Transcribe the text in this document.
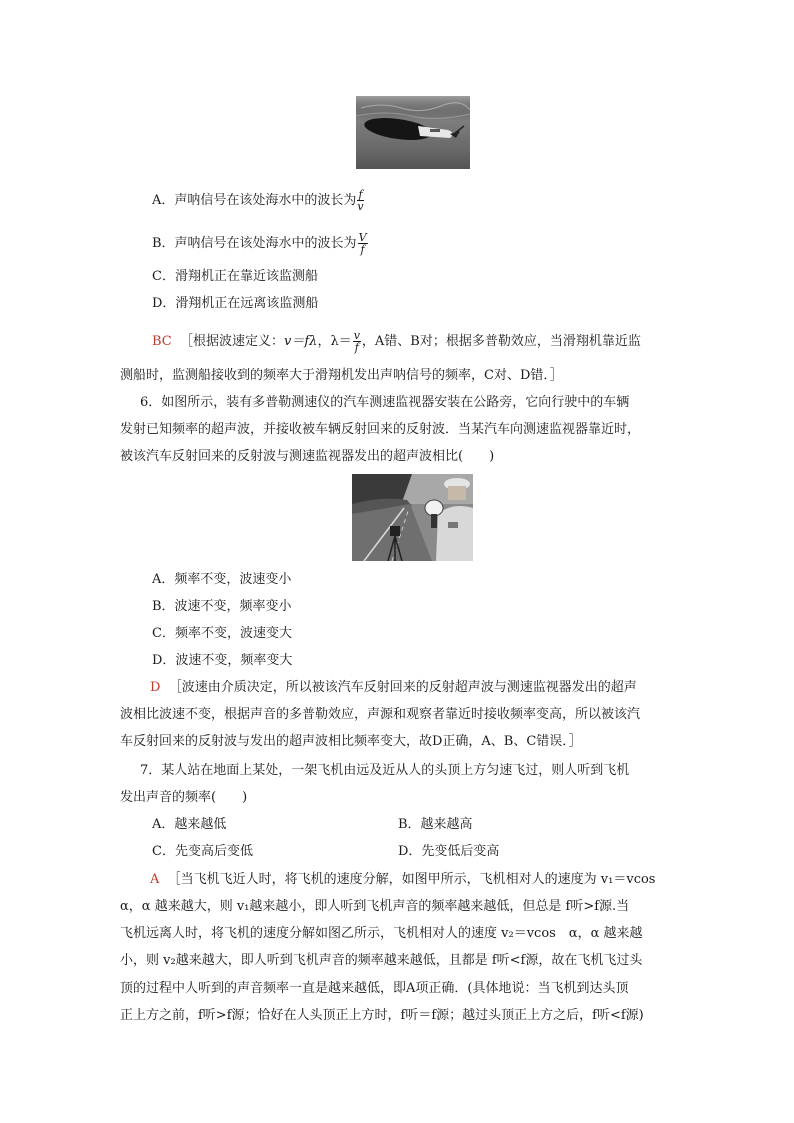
A．声呐信号在该处海水中的波长为 $\frac{f}{v}$
B．声呐信号在该处海水中的波长为 $\frac{V}{f}$
C．滑翔机正在靠近该监测船
D．滑翔机正在远离该监测船
BC ［根据波速定义：v＝fλ，$\lambda= \frac{v}{f}$ ，A错、B对；根据多普勒效应，当滑翔机靠近监
测船时，监测船接收到的频率大于滑翔机发出声呐信号的频率，C对、D错．］
6．如图所示，装有多普勒测速仪的汽车测速监视器安装在公路旁，它向行驶中的车辆
发射已知频率的超声波，并接收被车辆反射回来的反射波．当某汽车向测速监视器靠近时，
被该汽车反射回来的反射波与测速监视器发出的超声波相比(　　)
A．频率不变，波速变小
B．波速不变，频率变小
C．频率不变，波速变大
D．波速不变，频率变大
D ［波速由介质决定，所以被该汽车反射回来的反射超声波与测速监视器发出的超声
波相比波速不变，根据声音的多普勒效应，声源和观察者靠近时接收频率变高，所以被该汽
车反射回来的反射波与发出的超声波相比频率变大，故D正确，A、B、C错误．］
7．某人站在地面上某处，一架飞机由远及近从人的头顶上方匀速飞过，则人听到飞机
发出声音的频率(　　)
A．越来越低	B．越来越高
C．先变高后变低	D．先变低后变高
A ［当飞机飞近人时，将飞机的速度分解，如图甲所示，飞机相对人的速度为 v₁＝vcos
α，α 越来越大，则 v₁越来越小，即人听到飞机声音的频率越来越低，但总是 f听>f源.当
飞机远离人时，将飞机的速度分解如图乙所示，飞机相对人的速度 v₂＝vcos　α，α 越来越
小，则 v₂越来越大，即人听到飞机声音的频率越来越低，且都是 f听<f源，故在飞机飞过头
顶的过程中人听到的声音频率一直是越来越低，即A项正确．(具体地说：当飞机到达头顶
正上方之前，f听>f源；恰好在人头顶正上方时，f听＝f源；越过头顶正上方之后，f听<f源)
